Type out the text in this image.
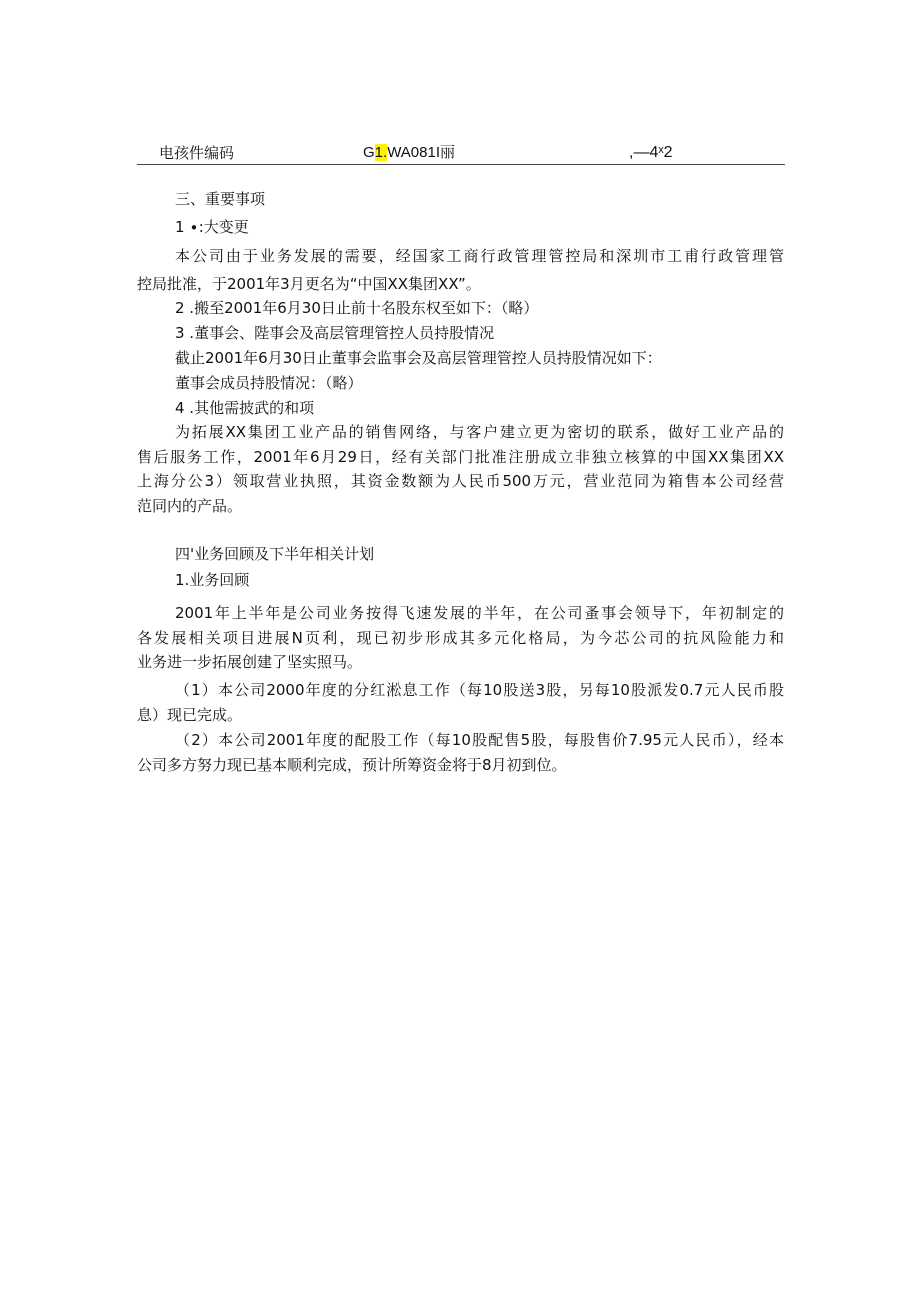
电孩件编码	G1.WA081I丽	,—4ˣ2
三、重要事项
1 ∙:大变更
本公司由于业务发展的需要，经国家工商行政管理管控局和深圳市工甫行政管理管
控局批准，于2001年3月更名为“中国XX集团XX”。
2 .搬至2001年6月30日止前十名股东权至如下：（略）
3 .董事会、陛事会及高层管理管控人员持股情况
截止2001年6月30日止董事会监事会及高层管理管控人员持股情况如下：
董事会成员持股情况：（略）
4 .其他需披武的和项
为拓展XX集团工业产品的销售网络，与客户建立更为密切的联系，做好工业产品的
售后服务工作，2001年6月29日，经有关部门批准注册成立非独立核算的中国XX集团XX
上海分公3）领取营业执照，其资金数额为人民币500万元，营业范同为箱售本公司经营
范同内的产品。
四'业务回顾及下半年相关计划
1.业务回顾
2001年上半年是公司业务按得飞速发展的半年，在公司蚤事会领导下，年初制定的
各发展相关项目进展N页利，现已初步形成其多元化格局，为今芯公司的抗风险能力和
业务进一步拓展创建了坚实照马。
（1）本公司2000年度的分红淞息工作（每10股送3股，另每10股派发0.7元人民币股
息）现已完成。
（2）本公司2001年度的配股工作（每10股配售5股，每股售价7.95元人民币），经本
公司多方努力现已基本顺利完成，预计所筹资金将于8月初到位。
